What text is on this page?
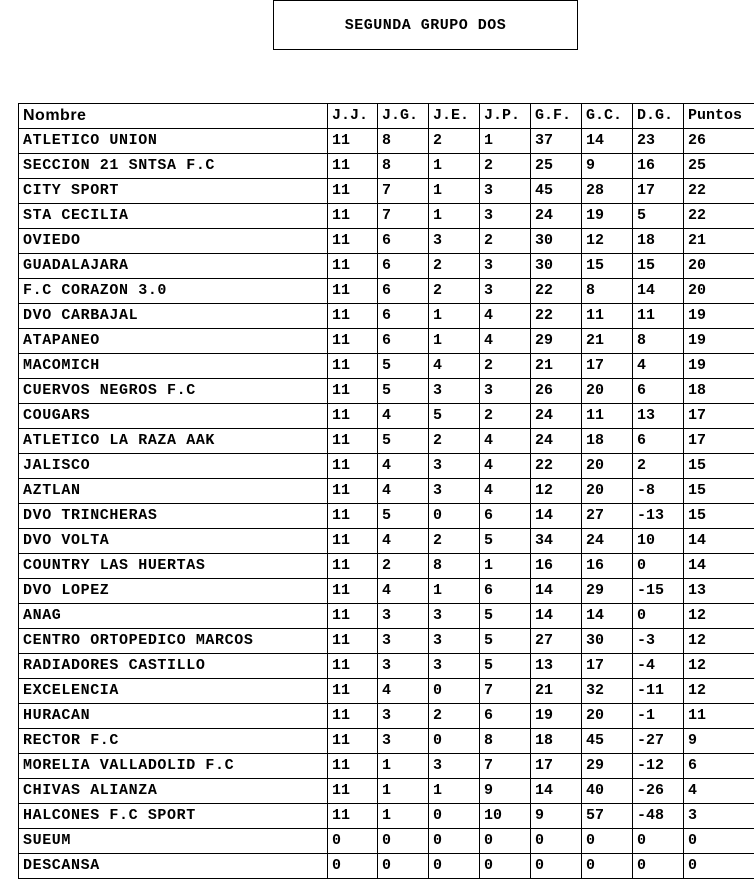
SEGUNDA GRUPO DOS
Nombre	J.J.	J.G.	J.E.	J.P.	G.F.	G.C.	D.G.	Puntos
ATLETICO UNION	11	8	2	1	37	14	23	26
SECCION 21 SNTSA F.C	11	8	1	2	25	9	16	25
CITY SPORT	11	7	1	3	45	28	17	22
STA CECILIA	11	7	1	3	24	19	5	22
OVIEDO	11	6	3	2	30	12	18	21
GUADALAJARA	11	6	2	3	30	15	15	20
F.C CORAZON 3.0	11	6	2	3	22	8	14	20
DVO CARBAJAL	11	6	1	4	22	11	11	19
ATAPANEO	11	6	1	4	29	21	8	19
MACOMICH	11	5	4	2	21	17	4	19
CUERVOS NEGROS F.C	11	5	3	3	26	20	6	18
COUGARS	11	4	5	2	24	11	13	17
ATLETICO LA RAZA AAK	11	5	2	4	24	18	6	17
JALISCO	11	4	3	4	22	20	2	15
AZTLAN	11	4	3	4	12	20	-8	15
DVO TRINCHERAS	11	5	0	6	14	27	-13	15
DVO VOLTA	11	4	2	5	34	24	10	14
COUNTRY LAS HUERTAS	11	2	8	1	16	16	0	14
DVO LOPEZ	11	4	1	6	14	29	-15	13
ANAG	11	3	3	5	14	14	0	12
CENTRO ORTOPEDICO MARCOS	11	3	3	5	27	30	-3	12
RADIADORES CASTILLO	11	3	3	5	13	17	-4	12
EXCELENCIA	11	4	0	7	21	32	-11	12
HURACAN	11	3	2	6	19	20	-1	11
RECTOR F.C	11	3	0	8	18	45	-27	9
MORELIA VALLADOLID F.C	11	1	3	7	17	29	-12	6
CHIVAS ALIANZA	11	1	1	9	14	40	-26	4
HALCONES F.C SPORT	11	1	0	10	9	57	-48	3
SUEUM	0	0	0	0	0	0	0	0
DESCANSA	0	0	0	0	0	0	0	0
